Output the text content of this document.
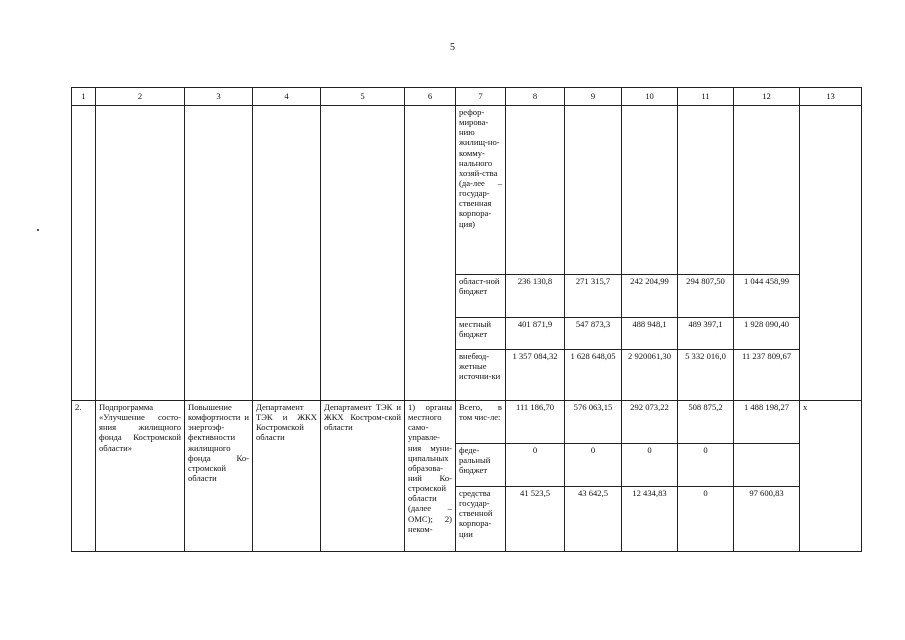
5
1	2	3	4	5	6	7	8	9	10	11	12	13
						рефор-мирова-нию жилищ-но-комму-нального хозяй-ства (да-лее – государ-ственная корпора-ция)						
						област-ной бюджет	236 130,8	271 315,7	242 204,99	294 807,50	1 044 458,99	
						местный бюджет	401 871,9	547 873,3	488 948,1	489 397,1	1 928 090,40	
						внебюд-жетные источни-ки	1 357 084,32	1 628 648,05	2 920061,30	5 332 016,0	11 237 809,67	
2.	Подпрограмма «Улучшение состо-яния жилищного фонда Костромской области»	Повышение комфортности и энергоэф-фективности жилищного фонда Ко-стромской области	Департамент ТЭК и ЖКХ Костромской области	Департамент ТЭК и ЖКХ Костром-ской области	1) органы местного само-управле-ния муни-ципальных образова-ний Ко-стромской области (далее – ОМС); 2) неком-	Всего, в том чис-ле:	111 186,70	576 063,15	292 073,22	508 875,2	1 488 198,27	х
						феде-ральный бюджет	0	0	0	0		
						средства государ-ственной корпора-ции	41 523,5	43 642,5	12 434,83	0	97 600,83	
